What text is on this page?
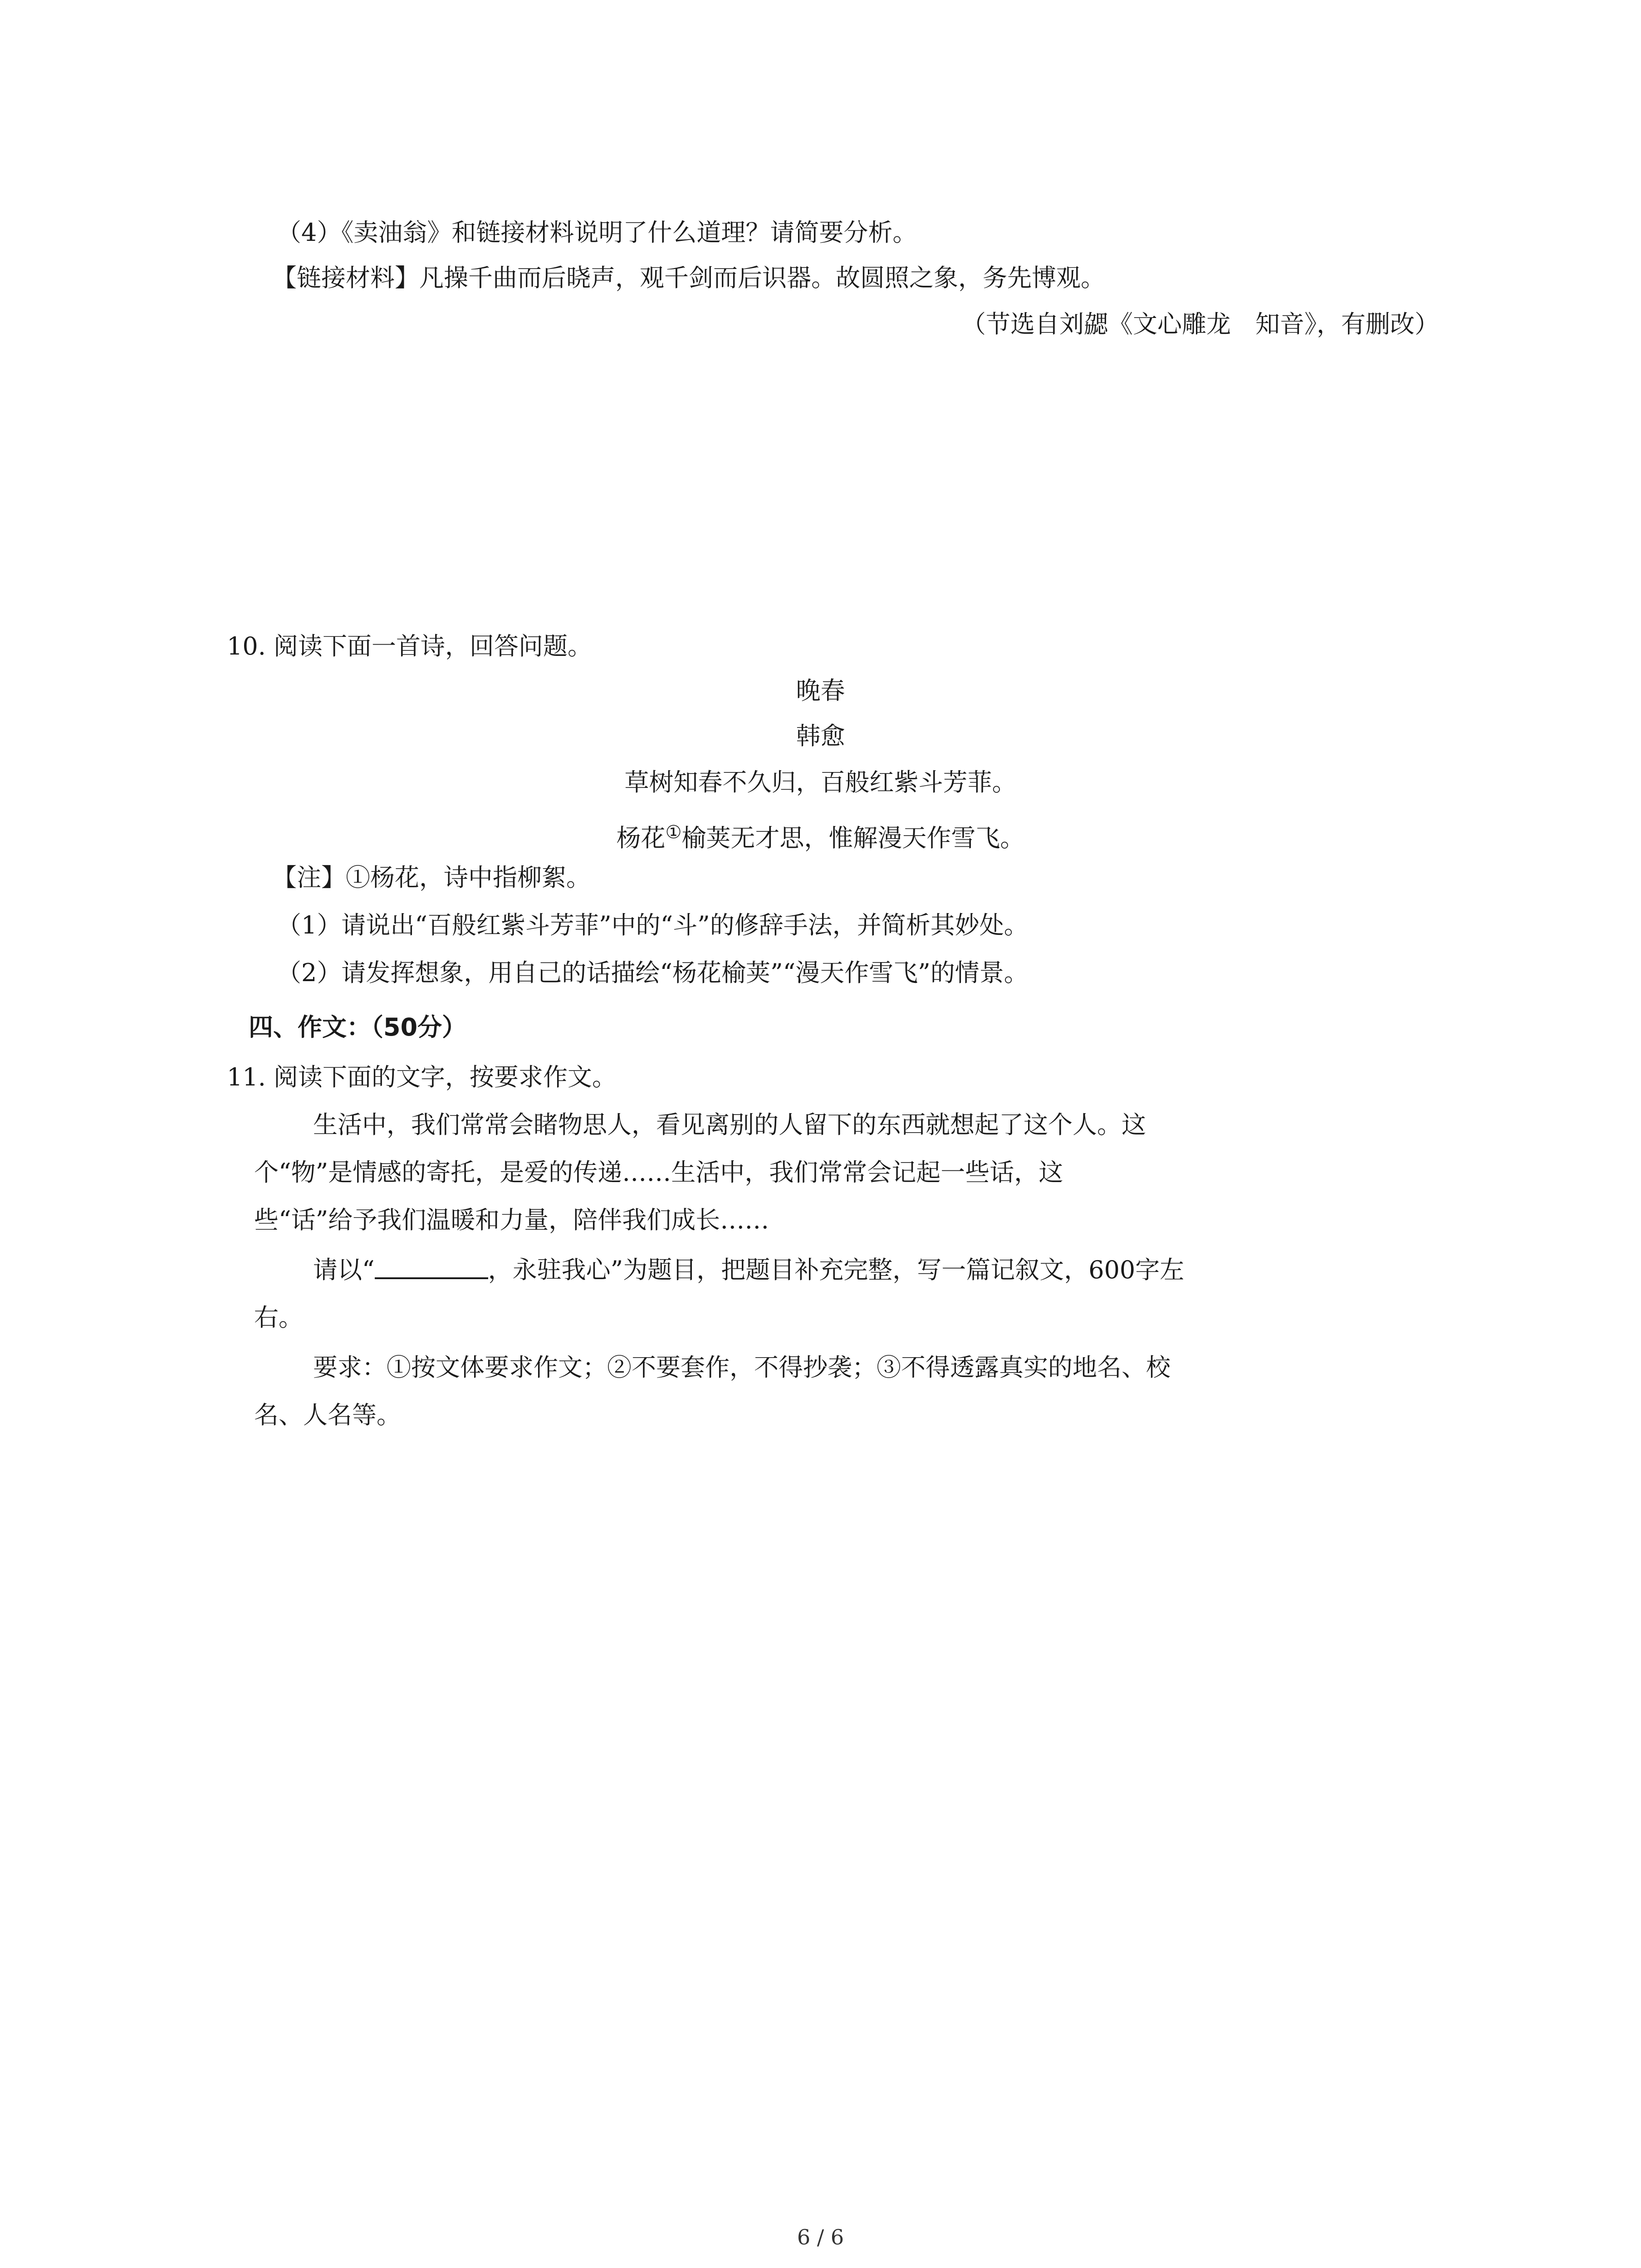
（4）《卖油翁》和链接材料说明了什么道理？请简要分析。
【链接材料】凡操千曲而后晓声，观千剑而后识器。故圆照之象，务先博观。
（节选自刘勰《文心雕龙　知音》，有删改）
10. 阅读下面一首诗，回答问题。
晚春
韩愈
草树知春不久归，百般红紫斗芳菲。
杨花①榆荚无才思，惟解漫天作雪飞。
【注】①杨花，诗中指柳絮。
（1）请说出“百般红紫斗芳菲”中的“斗”的修辞手法，并简析其妙处。
（2）请发挥想象，用自己的话描绘“杨花榆荚”“漫天作雪飞”的情景。
四、作文：（50分）
11. 阅读下面的文字，按要求作文。
生活中，我们常常会睹物思人，看见离别的人留下的东西就想起了这个人。这
个“物”是情感的寄托，是爱的传递……生活中，我们常常会记起一些话，这
些“话”给予我们温暖和力量，陪伴我们成长……
请以“	，永驻我心”为题目，把题目补充完整，写一篇记叙文，600字左
右。
要求：①按文体要求作文；②不要套作，不得抄袭；③不得透露真实的地名、校
名、人名等。
6 / 6
